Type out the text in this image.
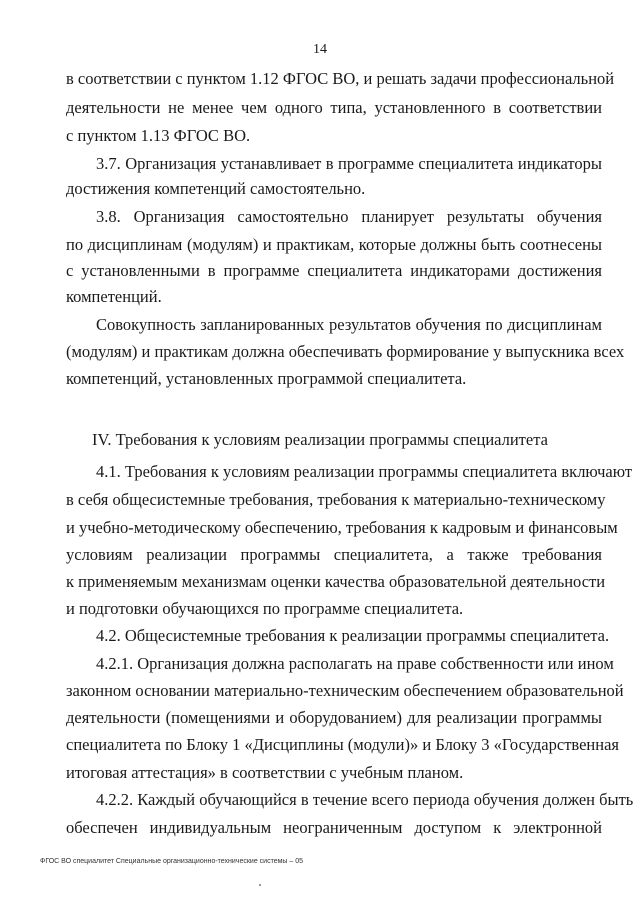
14
в соответствии с пунктом 1.12 ФГОС ВО, и решать задачи профессиональной
деятельности не менее чем одного типа, установленного в соответствии
с пунктом 1.13 ФГОС ВО.
3.7. Организация устанавливает в программе специалитета индикаторы
достижения компетенций самостоятельно.
3.8. Организация самостоятельно планирует результаты обучения
по дисциплинам (модулям) и практикам, которые должны быть соотнесены
с установленными в программе специалитета индикаторами достижения
компетенций.
Совокупность запланированных результатов обучения по дисциплинам
(модулям) и практикам должна обеспечивать формирование у выпускника всех
компетенций, установленных программой специалитета.
IV. Требования к условиям реализации программы специалитета
4.1. Требования к условиям реализации программы специалитета включают
в себя общесистемные требования, требования к материально-техническому
и учебно-методическому обеспечению, требования к кадровым и финансовым
условиям реализации программы специалитета, а также требования
к применяемым механизмам оценки качества образовательной деятельности
и подготовки обучающихся по программе специалитета.
4.2. Общесистемные требования к реализации программы специалитета.
4.2.1. Организация должна располагать на праве собственности или ином
законном основании материально-техническим обеспечением образовательной
деятельности (помещениями и оборудованием) для реализации программы
специалитета по Блоку 1 «Дисциплины (модули)» и Блоку 3 «Государственная
итоговая аттестация» в соответствии с учебным планом.
4.2.2. Каждый обучающийся в течение всего периода обучения должен быть
обеспечен индивидуальным неограниченным доступом к электронной
ФГОС ВО специалитет Специальные организационно-технические системы – 05
